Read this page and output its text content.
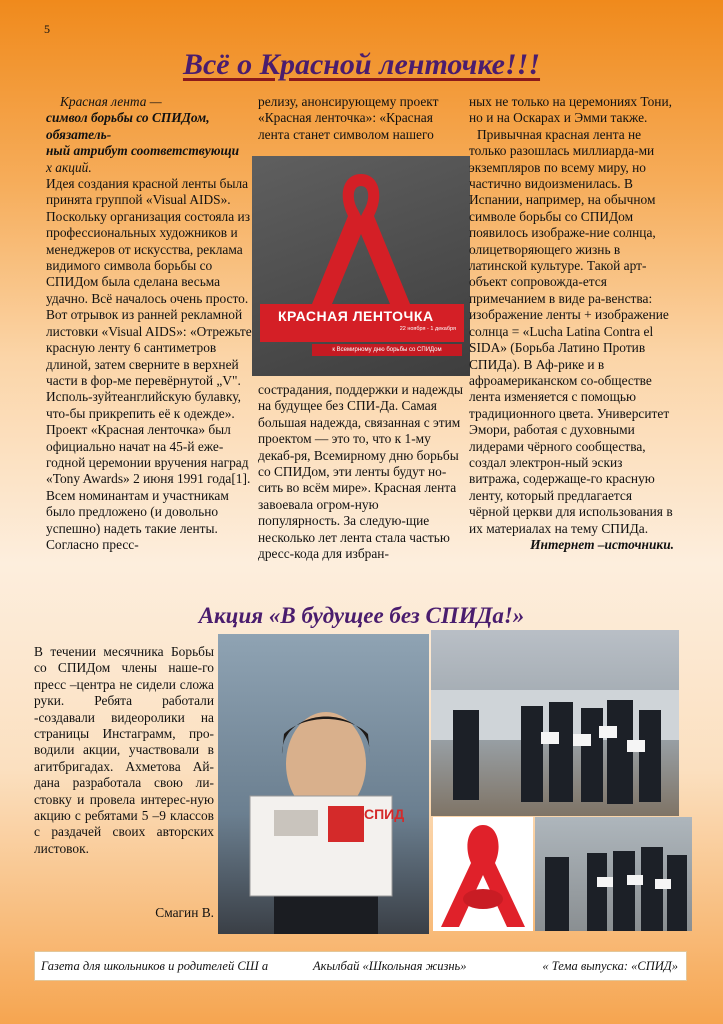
5
Всё о Красной ленточке!!!

Красная лента —

символ борьбы со СПИДом, обязатель-

ный атрибут соответствующи

х акций.

Идея создания красной ленты была принята группой «Visual AIDS». Поскольку организация состояла из профессиональных художников и менеджеров от искусства, реклама видимого символа борьбы со СПИДом была сделана весьма удачно. Всё началось очень просто. Вот отрывок из ранней рекламной листовки «Visual AIDS»: «Отрежьте красную ленту 6 сантиметров длиной, затем сверните в верхней части в фор-ме перевёрнутой „V". Исполь-зуйтеанглийскую булавку, что-бы прикрепить её к одежде». Проект «Красная ленточка» был официально начат на 45-й еже-годной церемонии вручения наград «Tony Awards» 2 июня 1991 года[1]. Всем номинантам и участникам было предложено (и довольно успешно) надеть такие ленты. Согласно пресс-

релизу, анонсирующему проект «Красная ленточка»: «Красная лента станет символом нашего

КРАСНАЯ ЛЕНТОЧКА
22 ноября - 1 декабря
к Всемирному дню борьбы со СПИДом

сострадания, поддержки и надежды на будущее без СПИ-Да. Самая большая надежда, связанная с этим проектом — это то, что к 1-му декаб-ря, Всемирному дню борьбы со СПИДом, эти ленты будут но-сить во всём мире». Красная лента завоевала огром-ную популярность. За следую-щие несколько лет лента стала частью дресс-кода для избран-

ных не только на церемониях Тони, но и на Оскарах и Эмми также.

Привычная красная лента не только разошлась миллиарда-ми экземпляров по всему миру, но частично видоизменилась. В Испании, например, на обычном символе борьбы со СПИДом появилось изображе-ние солнца, олицетворяющего жизнь в латинской культуре. Такой арт-объект сопровожда-ется примечанием в виде ра-венства: изображение ленты + изображение солнца = «Lucha Latina Contra el SIDA» (Борьба Латино Против СПИДа). В Аф-рике и в афроамериканском со-обществе лента изменяется с помощью традиционного цвета. Университет Эмори, работая с духовными лидерами чёрного сообщества, создал электрон-ный эскиз витража, содержаще-го красную ленту, который предлагается чёрной церкви для использования в их материалах на тему СПИДа.

Интернет –источники.

Акция «В будущее без СПИДа!»
В течении месячника Борьбы со СПИДом члены наше-го пресс –центра не сидели сложа руки. Ребята работали -создавали видеоролики на страницы Инстаграмм, про-водили акции, участвовали в агитбригадах. Ахметова Ай-дана разработала свою ли-стовку и провела интерес-ную акцию с ребятами 5 –9 классов с раздачей своих авторских листовок.
Смагин В.
СПИД
Газета для школьников и родителей СШ а	Акылбай «Школьная жизнь»	« Тема выпуска: «СПИД»
